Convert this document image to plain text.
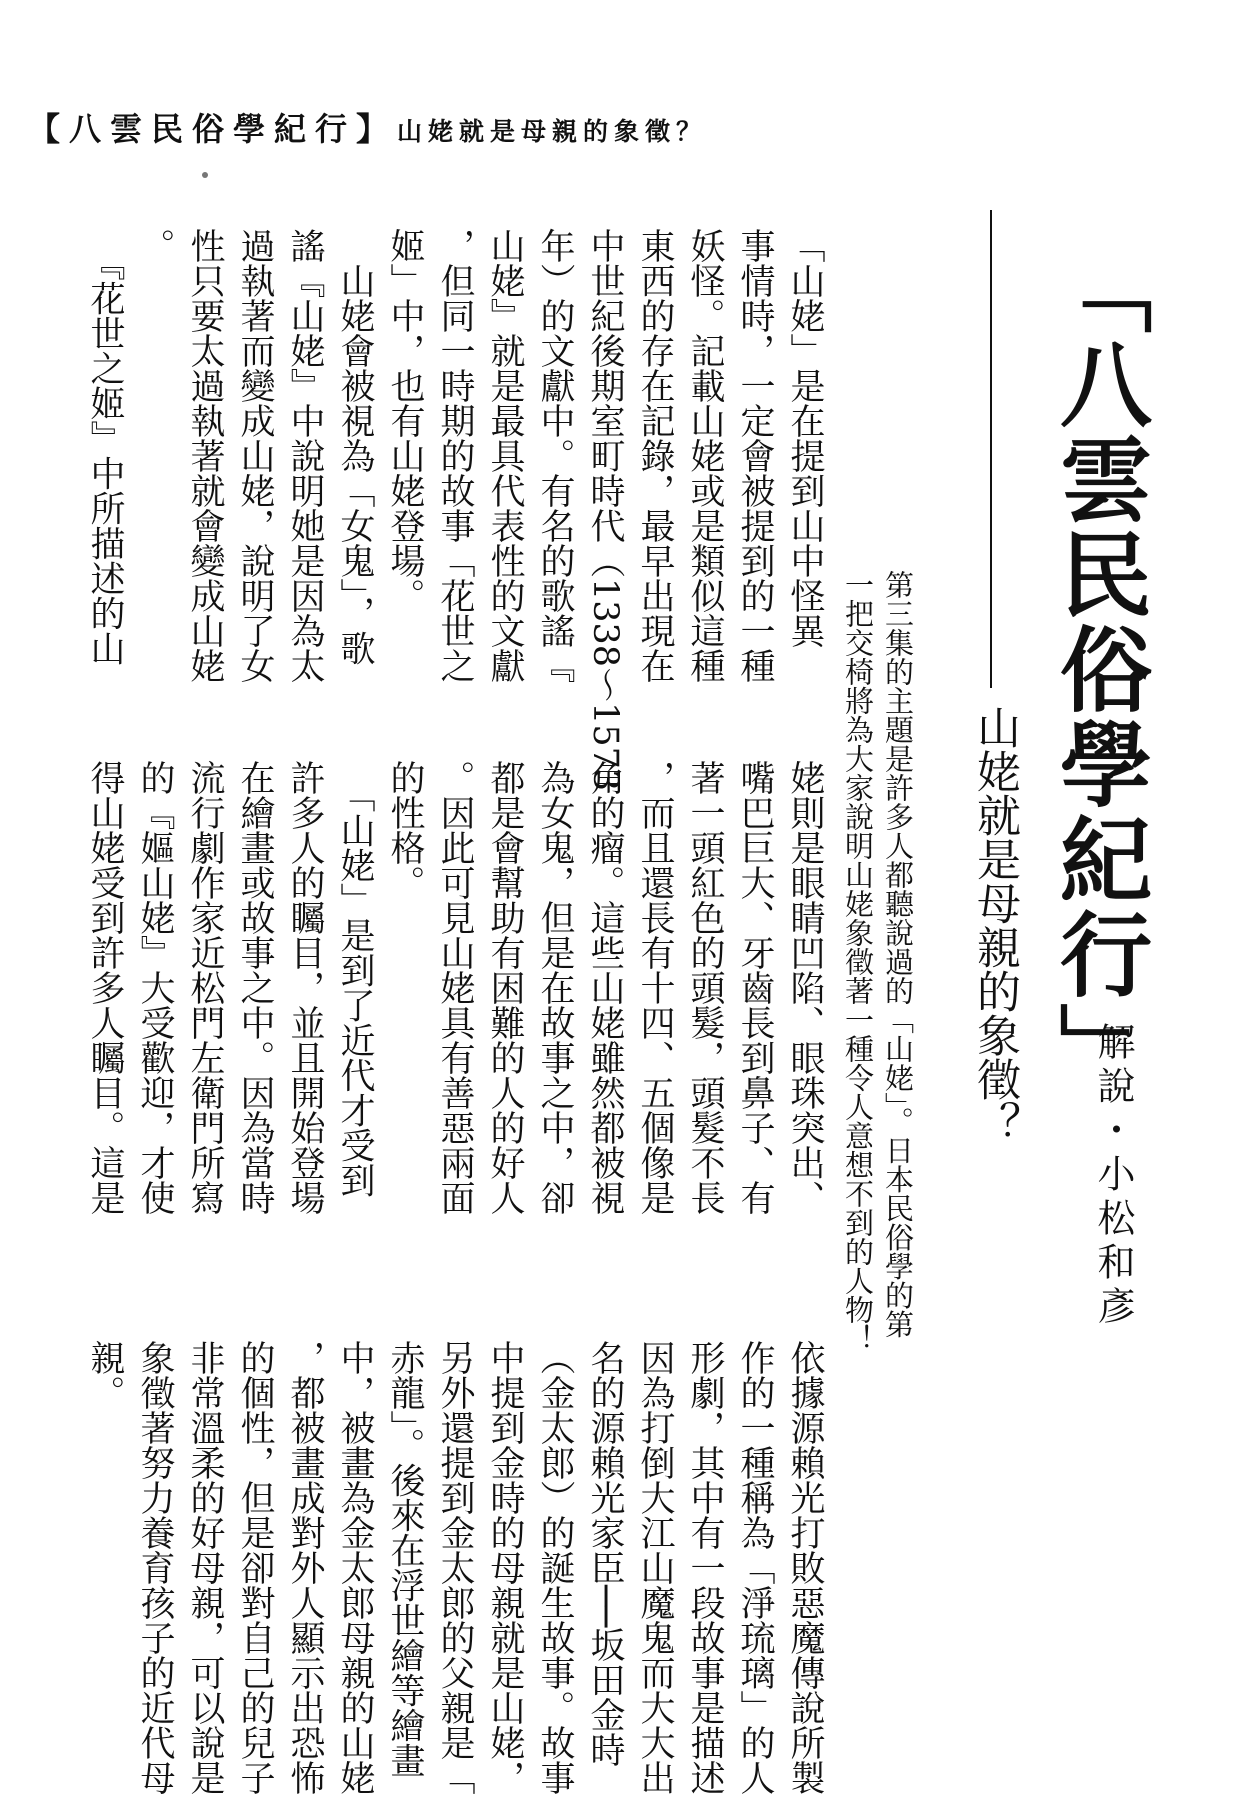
【八雲民俗學紀行】山姥就是母親的象徵？
「八雲民俗學紀行」
山姥就是母親的象徵？
解說・小松和彥
第三集的主題是許多人都聽說過的「山姥」。日本民俗學的第
一把交椅將為大家說明山姥象徵著一種令人意想不到的人物！
「山姥」是在提到山中怪異
事情時，一定會被提到的一種
妖怪。記載山姥或是類似這種
東西的存在記錄，最早出現在
中世紀後期室町時代（1338～1573
年）的文獻中。有名的歌謠『
山姥』就是最具代表性的文獻
，但同一時期的故事「花世之
姬」中，也有山姥登場。
　山姥會被視為「女鬼」，歌
謠『山姥』中說明她是因為太
過執著而變成山姥，說明了女
性只要太過執著就會變成山姥
。
　『花世之姬』中所描述的山
姥則是眼睛凹陷、眼珠突出、
嘴巴巨大、牙齒長到鼻子、有
著一頭紅色的頭髮，頭髮不長
，而且還長有十四、五個像是
角的瘤。這些山姥雖然都被視
為女鬼，但是在故事之中，卻
都是會幫助有困難的人的好人
。因此可見山姥具有善惡兩面
的性格。
　「山姥」是到了近代才受到
許多人的矚目，並且開始登場
在繪畫或故事之中。因為當時
流行劇作家近松門左衛門所寫
的『嫗山姥』大受歡迎，才使
得山姥受到許多人矚目。這是
依據源賴光打敗惡魔傳說所製
作的一種稱為「淨琉璃」的人
形劇，其中有一段故事是描述
因為打倒大江山魔鬼而大大出
名的源賴光家臣──坂田金時
（金太郎）的誕生故事。故事
中提到金時的母親就是山姥，
另外還提到金太郎的父親是「
赤龍」。後來在浮世繪等繪畫
中，被畫為金太郎母親的山姥
，都被畫成對外人顯示出恐怖
的個性，但是卻對自己的兒子
非常溫柔的好母親，可以說是
象徵著努力養育孩子的近代母
親。
